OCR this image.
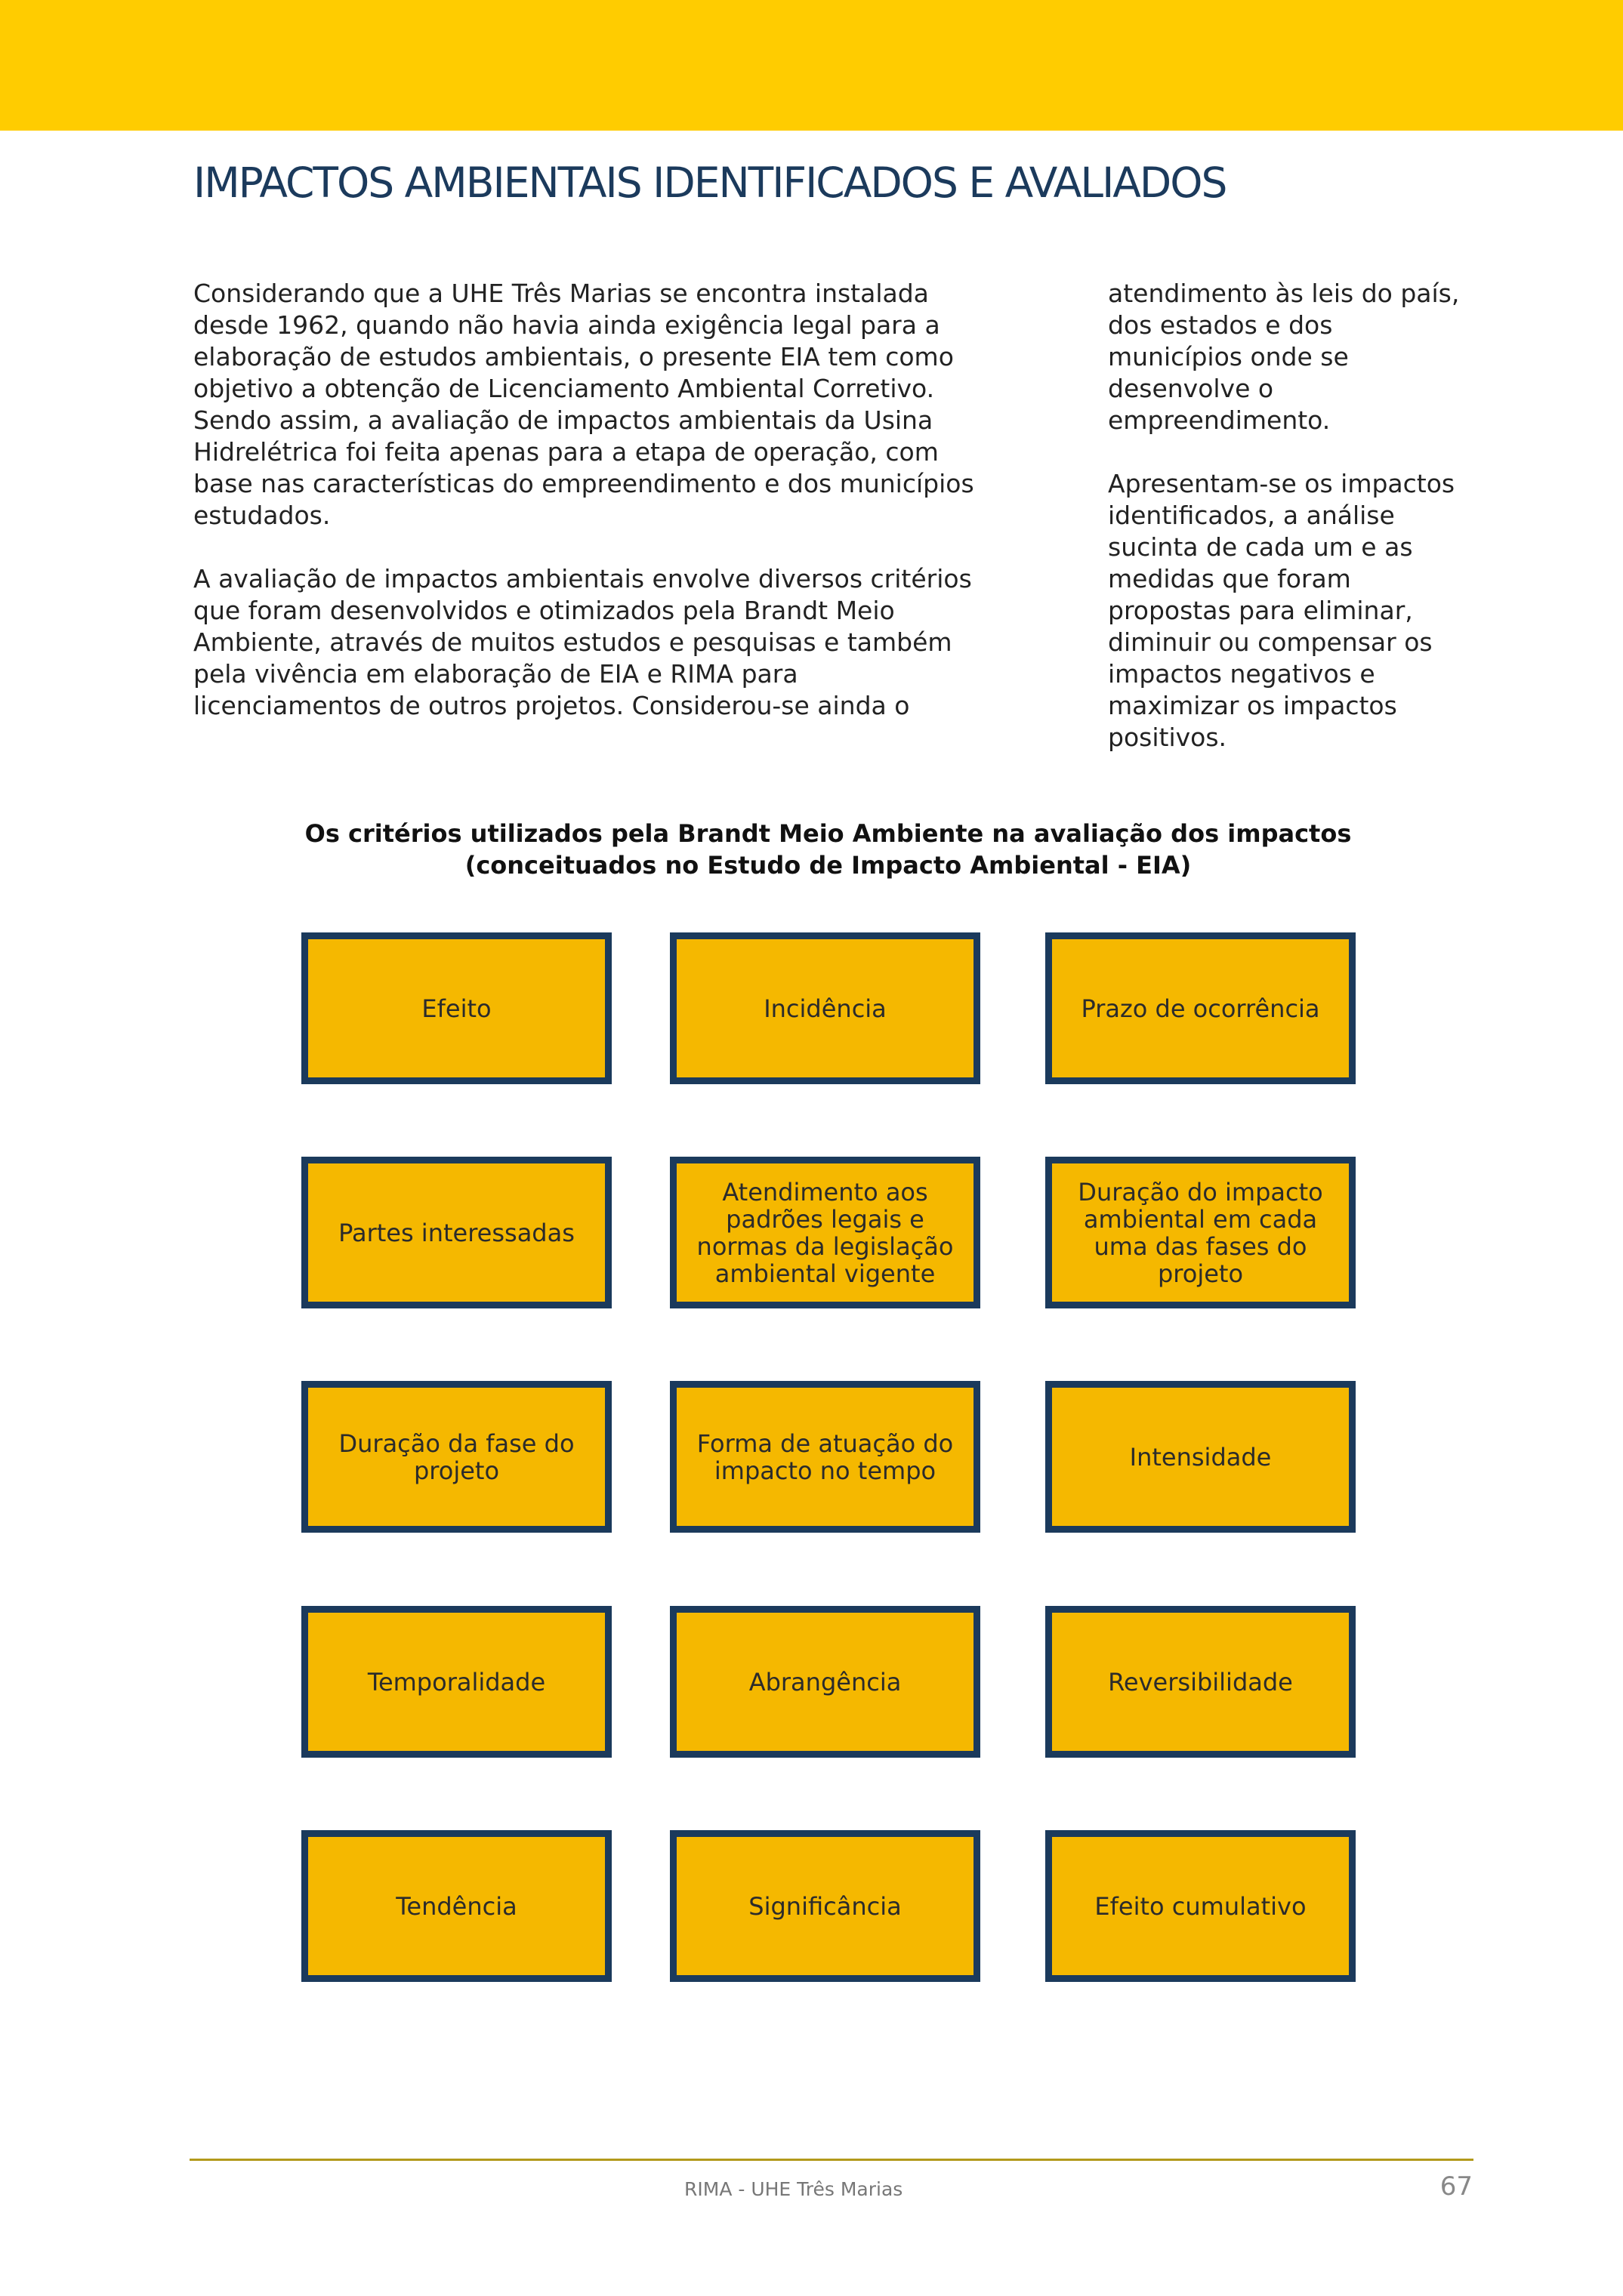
IMPACTOS AMBIENTAIS IDENTIFICADOS E AVALIADOS

Considerando que a UHE Três Marias se encontra instalada
desde 1962, quando não havia ainda exigência legal para a
elaboração de estudos ambientais, o presente EIA tem como
objetivo a obtenção de Licenciamento Ambiental Corretivo.
Sendo assim, a avaliação de impactos ambientais da Usina
Hidrelétrica foi feita apenas para a etapa de operação, com
base nas características do empreendimento e dos municípios
estudados.

A avaliação de impactos ambientais envolve diversos critérios
que foram desenvolvidos e otimizados pela Brandt Meio
Ambiente, através de muitos estudos e pesquisas e também
pela vivência em elaboração de EIA e RIMA para
licenciamentos de outros projetos. Considerou-se ainda o

atendimento às leis do país,
dos estados e dos
municípios onde se
desenvolve o
empreendimento.

Apresentam-se os impactos
identificados, a análise
sucinta de cada um e as
medidas que foram
propostas para eliminar,
diminuir ou compensar os
impactos negativos e
maximizar os impactos
positivos.

Os critérios utilizados pela Brandt Meio Ambiente na avaliação dos impactos
(conceituados no Estudo de Impacto Ambiental - EIA)
Efeito	Incidência	Prazo de ocorrência
Partes interessadas
Atendimento aos
padrões legais e
normas da legislação
ambiental vigente
Duração do impacto
ambiental em cada
uma das fases do
projeto
Duração da fase do
projeto
Forma de atuação do
impacto no tempo	Intensidade
Temporalidade	Abrangência	Reversibilidade
Tendência	Significância	Efeito cumulativo
RIMA - UHE Três Marias	67
